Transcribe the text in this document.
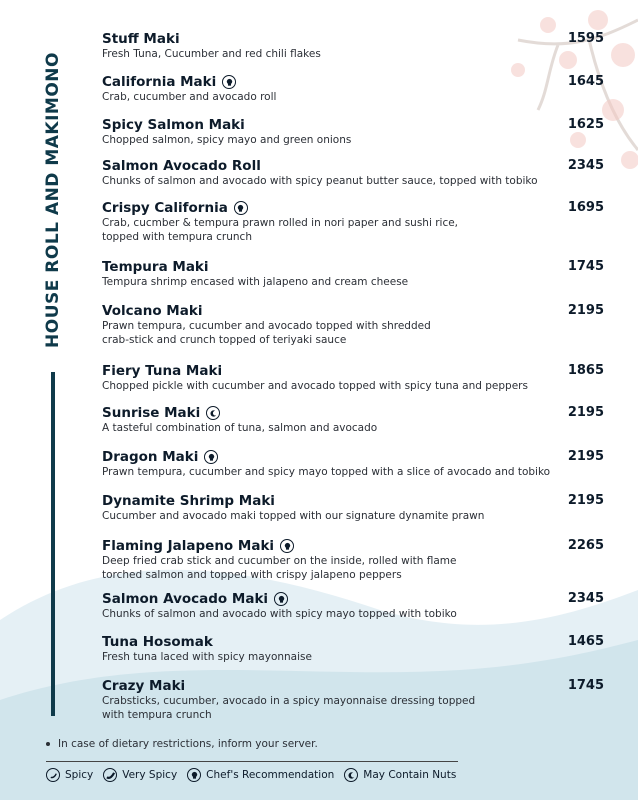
HOUSE ROLL AND MAKIMONO
Stuff Maki
Fresh Tuna, Cucumber and red chili flakes
1595
California Maki
Crab, cucumber and avocado roll
1645
Spicy Salmon Maki
Chopped salmon, spicy mayo and green onions
1625
Salmon Avocado Roll
Chunks of salmon and avocado with spicy peanut butter sauce, topped with tobiko
2345
Crispy California
Crab, cucmber & tempura prawn rolled in nori paper and sushi rice,
topped with tempura crunch
1695
Tempura Maki
Tempura shrimp encased with jalapeno and cream cheese
1745
Volcano Maki
Prawn tempura, cucumber and avocado topped with shredded
crab-stick and crunch topped of teriyaki sauce
2195
Fiery Tuna Maki
Chopped pickle with cucumber and avocado topped with spicy tuna and peppers
1865
Sunrise Maki
A tasteful combination of tuna, salmon and avocado
2195
Dragon Maki
Prawn tempura, cucumber and spicy mayo topped with a slice of avocado and tobiko
2195
Dynamite Shrimp Maki
Cucumber and avocado maki topped with our signature dynamite prawn
2195
Flaming Jalapeno Maki
Deep fried crab stick and cucumber on the inside, rolled with flame
torched salmon and topped with crispy jalapeno peppers
2265
Salmon Avocado Maki
Chunks of salmon and avocado with spicy mayo topped with tobiko
2345
Tuna Hosomak
Fresh tuna laced with spicy mayonnaise
1465
Crazy Maki
Crabsticks, cucumber, avocado in a spicy mayonnaise dressing topped
with tempura crunch
1745
In case of dietary restrictions, inform your server.
Spicy	Very Spicy	Chef's Recommendation	May Contain Nuts
